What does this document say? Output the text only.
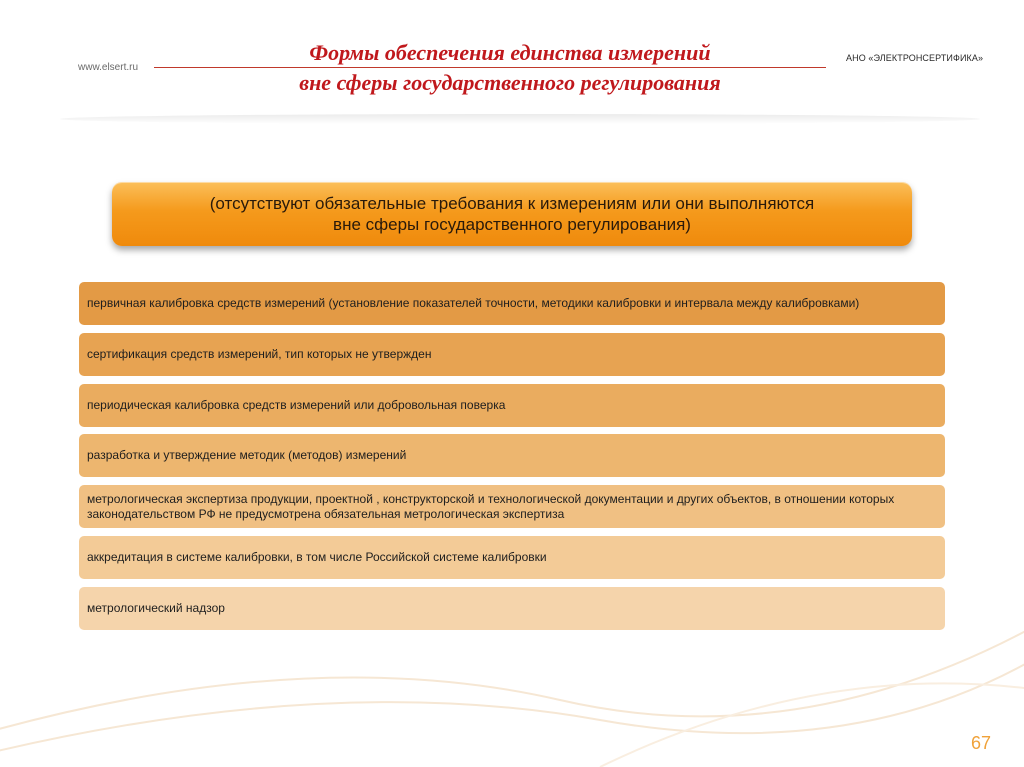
www.elsert.ru
АНО «ЭЛЕКТРОНСЕРТИФИКА»
Формы обеспечения единства измерений
вне сферы государственного регулирования
(отсутствуют обязательные требования к измерениям или они выполняются
вне сферы государственного регулирования)
первичная калибровка средств измерений (установление показателей точности, методики калибровки и интервала между калибровками)
сертификация средств измерений, тип которых не утвержден
периодическая калибровка средств измерений или добровольная поверка
разработка и утверждение методик (методов) измерений
метрологическая экспертиза продукции, проектной , конструкторской и технологической документации и других объектов, в отношении которых законодательством РФ не предусмотрена обязательная метрологическая экспертиза
аккредитация в системе калибровки, в том числе Российской системе калибровки
метрологический надзор
67
